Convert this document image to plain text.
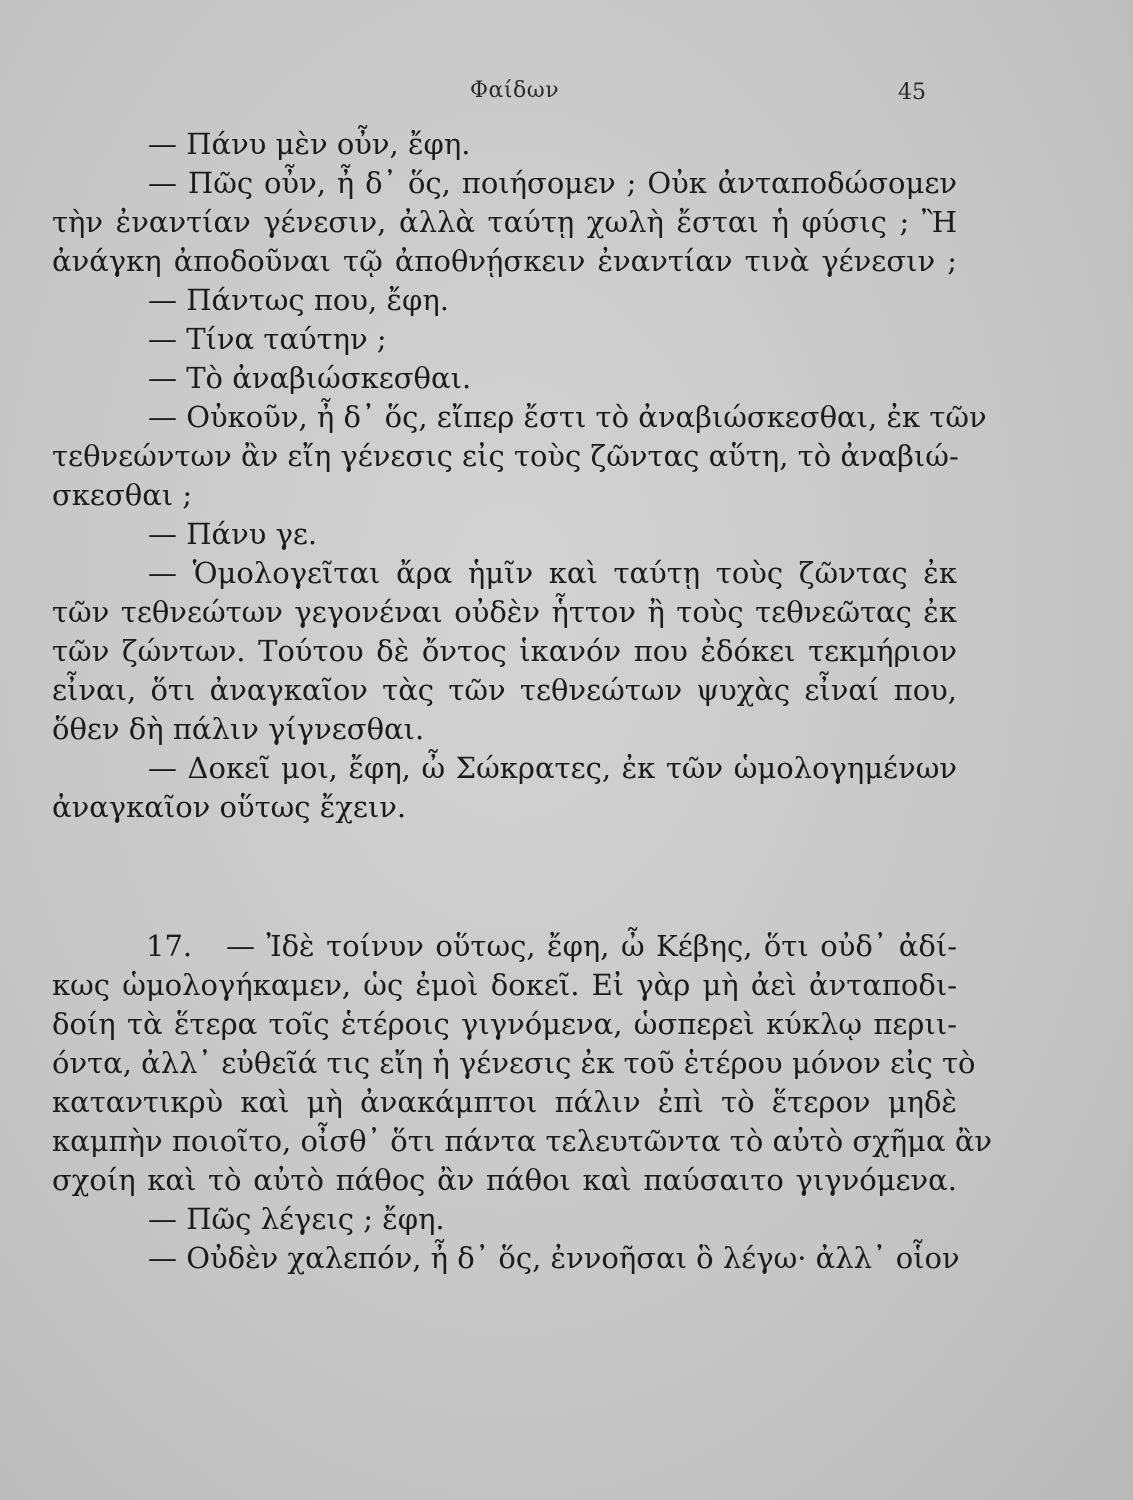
Φαίδων	45
— Πάνυ μὲν οὖν, ἔφη.
— Πῶς οὖν, ἦ δ᾽ ὅς, ποιήσομεν ; Οὐκ ἀνταποδώσομεν
τὴν ἐναντίαν γένεσιν, ἀλλὰ ταύτῃ χωλὴ ἔσται ἡ φύσις ; Ἢ
ἀνάγκη ἀποδοῦναι τῷ ἀποθνῄσκειν ἐναντίαν τινὰ γένεσιν ;
— Πάντως που, ἔφη.
— Τίνα ταύτην ;
— Τὸ ἀναβιώσκεσθαι.
— Οὐκοῦν, ἦ δ᾽ ὅς, εἴπερ ἔστι τὸ ἀναβιώσκεσθαι, ἐκ τῶν
τεθνεώντων ἂν εἴη γένεσις εἰς τοὺς ζῶντας αὕτη, τὸ ἀναβιώ-
σκεσθαι ;
— Πάνυ γε.
— Ὁμολογεῖται ἄρα ἡμῖν καὶ ταύτῃ τοὺς ζῶντας ἐκ
τῶν τεθνεώτων γεγονέναι οὐδὲν ἧττον ἢ τοὺς τεθνεῶτας ἐκ
τῶν ζώντων. Τούτου δὲ ὄντος ἱκανόν που ἐδόκει τεκμήριον
εἶναι, ὅτι ἀναγκαῖον τὰς τῶν τεθνεώτων ψυχὰς εἶναί που,
ὅθεν δὴ πάλιν γίγνεσθαι.
— Δοκεῖ μοι, ἔφη, ὦ Σώκρατες, ἐκ τῶν ὡμολογημένων
ἀναγκαῖον οὕτως ἔχειν.
17.	— Ἰδὲ τοίνυν οὕτως, ἔφη, ὦ Κέβης, ὅτι οὐδ᾽ ἀδί-
κως ὡμολογήκαμεν, ὡς ἐμοὶ δοκεῖ. Εἰ γὰρ μὴ ἀεὶ ἀνταποδι-
δοίη τὰ ἕτερα τοῖς ἑτέροις γιγνόμενα, ὡσπερεὶ κύκλῳ περιι-
όντα, ἀλλ᾽ εὐθεῖά τις εἴη ἡ γένεσις ἐκ τοῦ ἑτέρου μόνον εἰς τὸ
καταντικρὺ καὶ μὴ ἀνακάμπτοι πάλιν ἐπὶ τὸ ἕτερον μηδὲ
καμπὴν ποιοῖτο, οἶσθ᾽ ὅτι πάντα τελευτῶντα τὸ αὐτὸ σχῆμα ἂν
σχοίη καὶ τὸ αὐτὸ πάθος ἂν πάθοι καὶ παύσαιτο γιγνόμενα.
— Πῶς λέγεις ; ἔφη.
— Οὐδὲν χαλεπόν, ἦ δ᾽ ὅς, ἐννοῆσαι ὃ λέγω· ἀλλ᾽ οἷον
